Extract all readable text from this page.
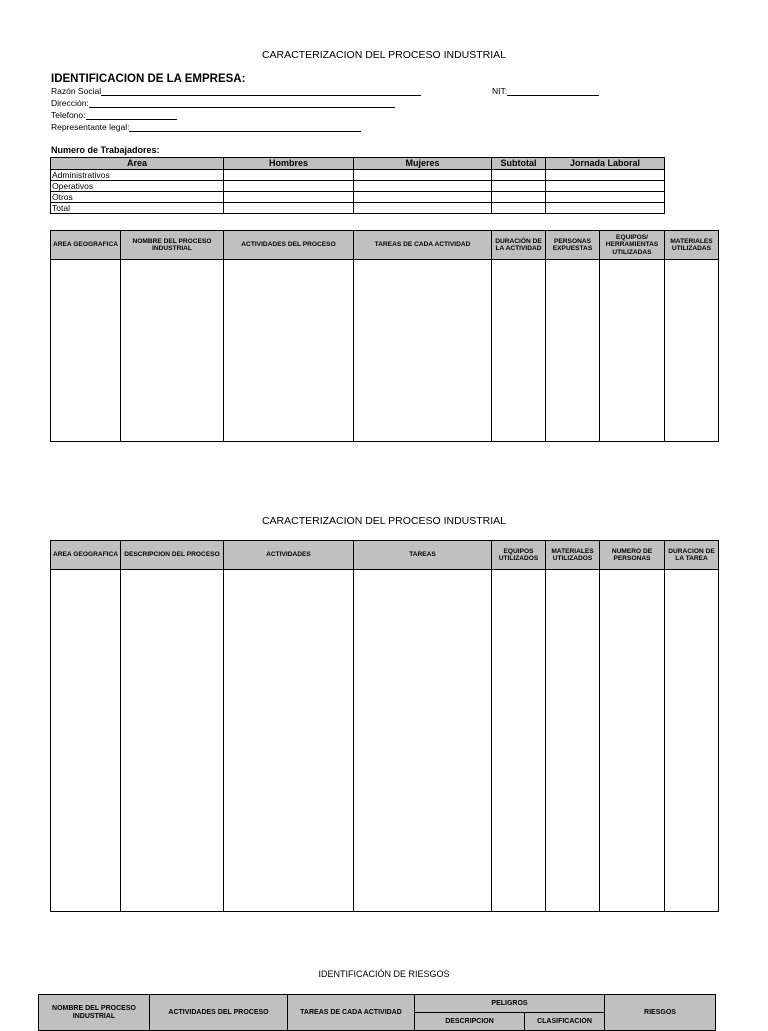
CARACTERIZACION DEL PROCESO INDUSTRIAL
IDENTIFICACION DE LA EMPRESA:
Razón Social	NIT:
Dirección:
Telefono:
Representante legal:
Numero de Trabajadores:
Area	Hombres	Mujeres	Subtotal	Jornada Laboral
Administrativos				
Operativos				
Otros				
Total				
AREA GEOGRAFICA	NOMBRE DEL PROCESO INDUSTRIAL	ACTIVIDADES DEL PROCESO	TAREAS DE CADA ACTIVIDAD	DURACIÓN DE LA ACTIVIDAD	PERSONAS EXPUESTAS	EQUIPOS/ HERRAMIENTAS UTILIZADAS	MATERIALES UTILIZADAS

CARACTERIZACION DEL PROCESO INDUSTRIAL
AREA GEOGRAFICA	DESCRIPCION DEL PROCESO	ACTIVIDADES	TAREAS	EQUIPOS UTILIZADOS	MATERIALES UTILIZADOS	NUMERO DE PERSONAS	DURACION DE LA TAREA

IDENTIFICACIÓN DE RIESGOS
NOMBRE DEL PROCESO INDUSTRIAL	ACTIVIDADES DEL PROCESO	TAREAS DE CADA ACTIVIDAD	PELIGROS		RIESGOS
			DESCRIPCION	CLASIFICACION	
